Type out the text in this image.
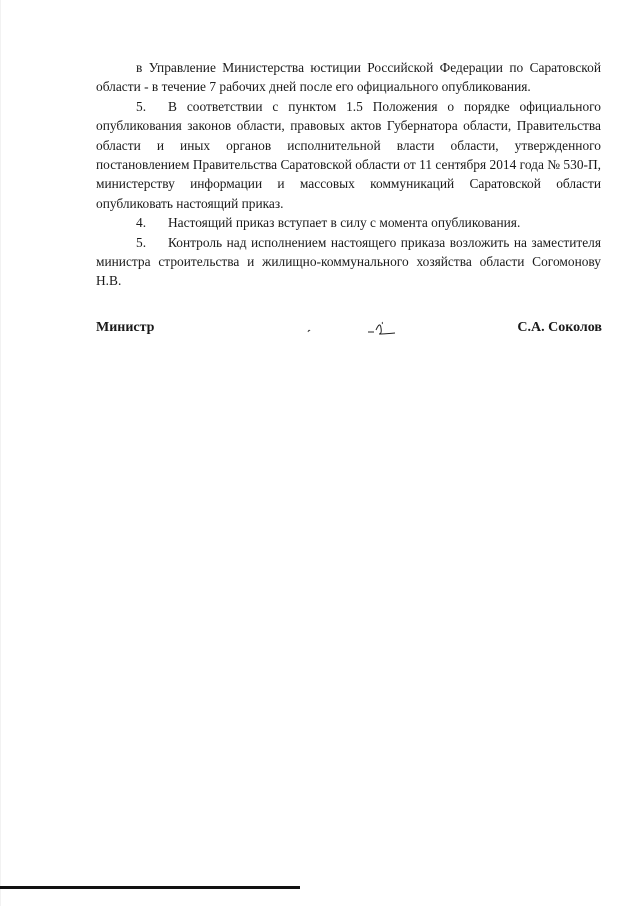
в Управление Министерства юстиции Российской Федерации по Саратовской области - в течение 7 рабочих дней после его официального опубликования.

5. В соответствии с пунктом 1.5 Положения о порядке официального опубликования законов области, правовых актов Губернатора области, Правительства области и иных органов исполнительной власти области, утвержденного постановлением Правительства Саратовской области от 11 сентября 2014 года № 530-П, министерству информации и массовых коммуникаций Саратовской области опубликовать настоящий приказ.

4. Настоящий приказ вступает в силу с момента опубликования.

5. Контроль над исполнением настоящего приказа возложить на заместителя министра строительства и жилищно-коммунального хозяйства области Согомонову Н.В.

Министр	С.А. Соколов
